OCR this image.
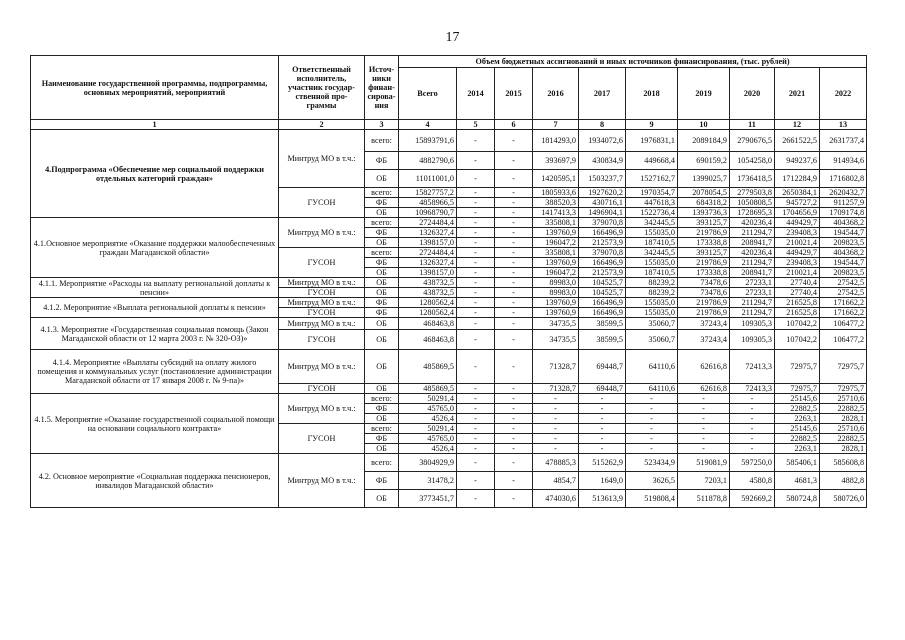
17
Наименование государственной программы, подпрограммы, основных мероприятий, мероприятий	Ответственный исполнитель, участник государ-ственной про-граммы	Источ-ники финан-сирова-ния	Объем бюджетных ассигнований и иных источников финансирования, (тыс. рублей)									
			Всего	2014	2015	2016	2017	2018	2019	2020	2021	2022
1	2	3	4	5	6	7	8	9	10	11	12	13
4.Подпрограмма «Обеспечение мер социальной поддержки отдельных категорий граждан»	Минтруд МО в т.ч.:	всего:	15893791,6	-	-	1814293,0	1934072,6	1976831,1	2089184,9	2790676,5	2661522,5	2631737,4
		ФБ	4882790,6	-	-	393697,9	430834,9	449668,4	690159,2	1054258,0	949237,6	914934,6
		ОБ	11011001,0	-	-	1420595,1	1503237,7	1527162,7	1399025,7	1736418,5	1712284,9	1716802,8
	ГУСОН	всего:	15827757,2	-	-	1805933,6	1927620,2	1970354,7	2078054,5	2779503,8	2650384,1	2620432,7
		ФБ	4858966,5	-	-	388520,3	430716,1	447618,3	684318,2	1050808,5	945727,2	911257,9
		ОБ	10968790,7	-	-	1417413,3	1496904,1	1522736,4	1393736,3	1728695,3	1704656,9	1709174,8
4.1.Основное мероприятие «Оказание поддержки малообеспеченных граждан Магаданской области»	Минтруд МО в т.ч.:	всего:	2724484,4	-	-	335808,1	379070,8	342445,5	393125,7	420236,4	449429,7	404368,2
		ФБ	1326327,4	-	-	139760,9	166496,9	155035,0	219786,9	211294,7	239408,3	194544,7
		ОБ	1398157,0	-	-	196047,2	212573,9	187410,5	173338,8	208941,7	210021,4	209823,5
	ГУСОН	всего:	2724484,4	-	-	335808,1	379070,8	342445,5	393125,7	420236,4	449429,7	404368,2
		ФБ	1326327,4	-	-	139760,9	166496,9	155035,0	219786,9	211294,7	239408,3	194544,7
		ОБ	1398157,0	-	-	196047,2	212573,9	187410,5	173338,8	208941,7	210021,4	209823,5
4.1.1. Мероприятие «Расходы на выплату региональной доплаты к пенсии»	Минтруд МО в т.ч.:	ОБ	438732,5	-	-	89983,0	104525,7	88239,2	73478,6	27233,1	27740,4	27542,5
	ГУСОН	ОБ	438732,5	-	-	89983,0	104525,7	88239,2	73478,6	27233,1	27740,4	27542,5
4.1.2. Мероприятие «Выплата региональной доплаты к пенсии»	Минтруд МО в т.ч.:	ФБ	1280562,4	-	-	139760,9	166496,9	155035,0	219786,9	211294,7	216525,8	171662,2
	ГУСОН	ФБ	1280562,4	-	-	139760,9	166496,9	155035,0	219786,9	211294,7	216525,8	171662,2
4.1.3. Мероприятие «Государственная социальная помощь (Закон Магаданской области от 12 марта 2003 г. № 320-ОЗ)»	Минтруд МО в т.ч.:	ОБ	468463,8	-	-	34735,5	38599,5	35060,7	37243,4	109305,3	107042,2	106477,2
	ГУСОН	ОБ	468463,8	-	-	34735,5	38599,5	35060,7	37243,4	109305,3	107042,2	106477,2
4.1.4. Мероприятие «Выплаты субсидий на оплату жилого помещения и коммунальных услуг (постановление администрации Магаданской области от 17 января 2008 г. № 9-па)»	Минтруд МО в т.ч.:	ОБ	485869,5	-	-	71328,7	69448,7	64110,6	62616,8	72413,3	72975,7	72975,7
	ГУСОН	ОБ	485869,5	-	-	71328,7	69448,7	64110,6	62616,8	72413,3	72975,7	72975,7
4.1.5. Мероприятие «Оказание государственной социальной помощи на основании социального контракта»	Минтруд МО в т.ч.:	всего:	50291,4	-	-	-	-	-	-	-	25145,6	25710,6
		ФБ	45765,0	-	-	-	-	-	-	-	22882,5	22882,5
		ОБ	4526,4	-	-	-	-	-	-	-	2263,1	2828,1
	ГУСОН	всего:	50291,4	-	-	-	-	-	-	-	25145,6	25710,6
		ФБ	45765,0	-	-	-	-	-	-	-	22882,5	22882,5
		ОБ	4526,4	-	-	-	-	-	-	-	2263,1	2828,1
4.2. Основное мероприятие «Социальная поддержка пенсионеров, инвалидов Магаданской области»	Минтруд МО в т.ч.:	всего:	3804929,9	-	-	478885,3	515262,9	523434,9	519081,9	597250,0	585406,1	585608,8
		ФБ	31478,2	-	-	4854,7	1649,0	3626,5	7203,1	4580,8	4681,3	4882,8
		ОБ	3773451,7	-	-	474030,6	513613,9	519808,4	511878,8	592669,2	580724,8	580726,0
